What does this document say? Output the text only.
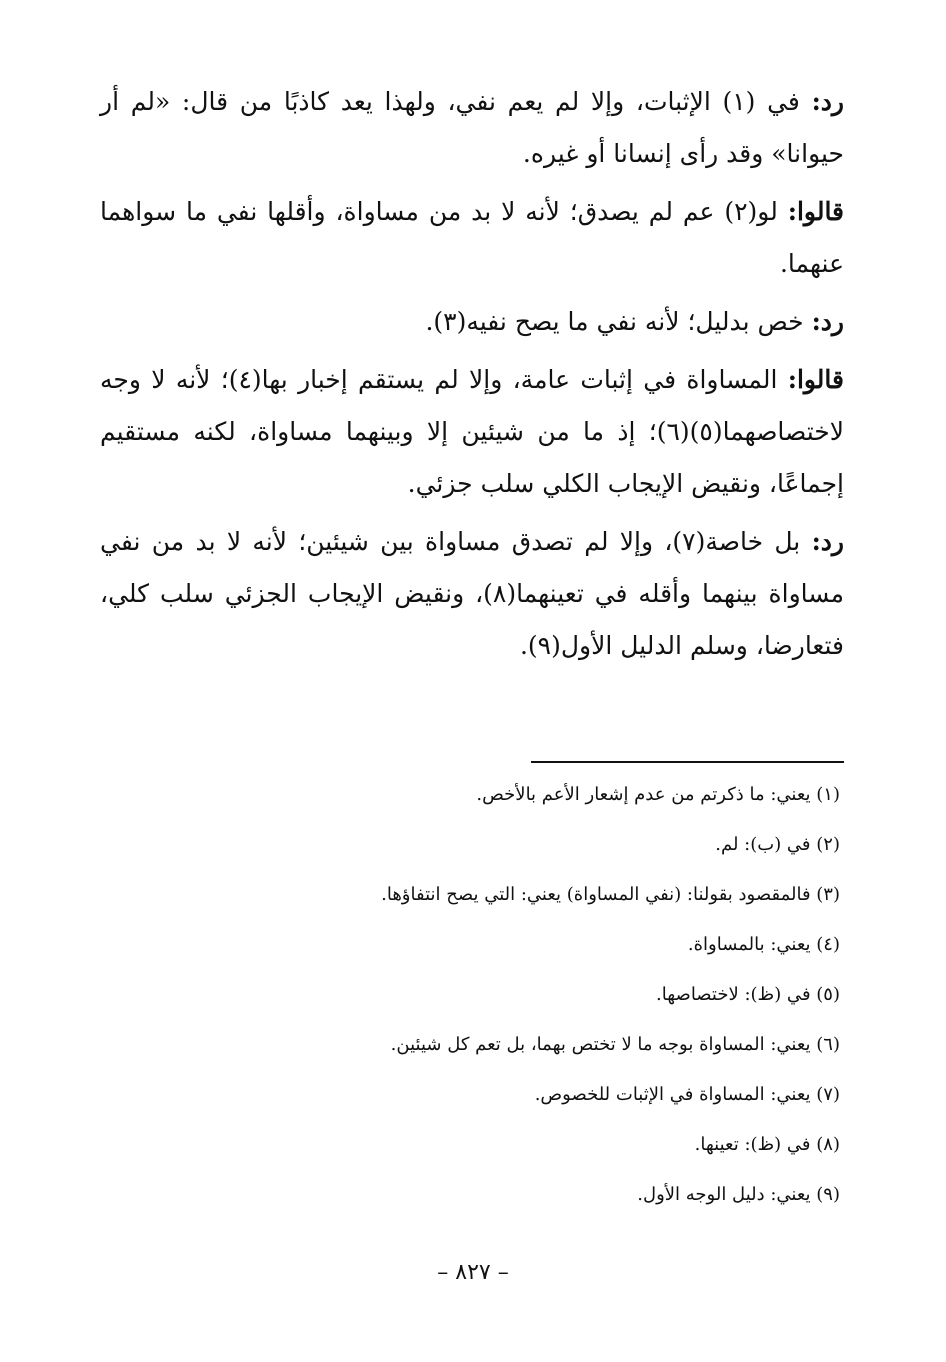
رد: في (١) الإثبات، وإلا لم يعم نفي، ولهذا يعد كاذبًا من قال: «لم أر حيوانا» وقد رأى إنسانا أو غيره.

قالوا: لو(٢) عم لم يصدق؛ لأنه لا بد من مساواة، وأقلها نفي ما سواهما عنهما.

رد: خص بدليل؛ لأنه نفي ما يصح نفيه(٣).

قالوا: المساواة في إثبات عامة، وإلا لم يستقم إخبار بها(٤)؛ لأنه لا وجه لاختصاصهما(٥)(٦)؛ إذ ما من شيئين إلا وبينهما مساواة، لكنه مستقيم إجماعًا، ونقيض الإيجاب الكلي سلب جزئي.

رد: بل خاصة(٧)، وإلا لم تصدق مساواة بين شيئين؛ لأنه لا بد من نفي مساواة بينهما وأقله في تعينهما(٨)، ونقيض الإيجاب الجزئي سلب كلي، فتعارضا، وسلم الدليل الأول(٩).

(١) يعني: ما ذكرتم من عدم إشعار الأعم بالأخص.

(٢) في (ب): لم.

(٣) فالمقصود بقولنا: (نفي المساواة) يعني: التي يصح انتفاؤها.

(٤) يعني: بالمساواة.

(٥) في (ظ): لاختصاصها.

(٦) يعني: المساواة بوجه ما لا تختص بهما، بل تعم كل شيئين.

(٧) يعني: المساواة في الإثبات للخصوص.

(٨) في (ظ): تعينها.

(٩) يعني: دليل الوجه الأول.

– ٨٢٧ –
